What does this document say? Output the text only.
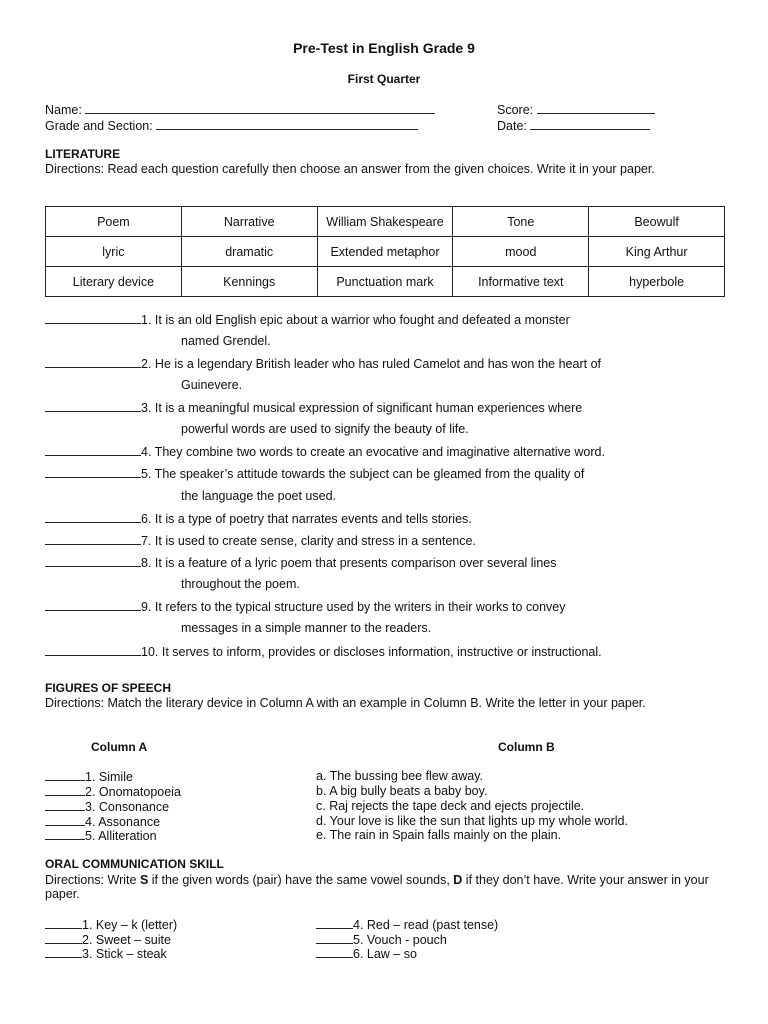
Pre-Test in English Grade 9
First Quarter
Name:	Score:
Grade and Section:	Date:
LITERATURE
Directions: Read each question carefully then choose an answer from the given choices. Write it in your paper.
Poem	Narrative	William Shakespeare	Tone	Beowulf
lyric	dramatic	Extended metaphor	mood	King Arthur
Literary device	Kennings	Punctuation mark	Informative text	hyperbole
1. It is an old English epic about a warrior who fought and defeated a monster
named Grendel.
2. He is a legendary British leader who has ruled Camelot and has won the heart of
Guinevere.
3. It is a meaningful musical expression of significant human experiences where
powerful words are used to signify the beauty of life.
4. They combine two words to create an evocative and imaginative alternative word.
5. The speaker’s attitude towards the subject can be gleamed from the quality of
the language the poet used.
6. It is a type of poetry that narrates events and tells stories.
7. It is used to create sense, clarity and stress in a sentence.
8. It is a feature of a lyric poem that presents comparison over several lines
throughout the poem.
9. It refers to the typical structure used by the writers in their works to convey
messages in a simple manner to the readers.
10. It serves to inform, provides or discloses information, instructive or instructional.
FIGURES OF SPEECH
Directions: Match the literary device in Column A with an example in Column B. Write the letter in your paper.
Column A	Column B
1. Simile
2. Onomatopoeia
3. Consonance
4. Assonance
5. Alliteration
a. The bussing bee flew away.
b. A big bully beats a baby boy.
c. Raj rejects the tape deck and ejects projectile.
d. Your love is like the sun that lights up my whole world.
e. The rain in Spain falls mainly on the plain.
ORAL COMMUNICATION SKILL
Directions: Write S if the given words (pair) have the same vowel sounds, D if they don’t have. Write your answer in your paper.
1. Key – k (letter)
2. Sweet – suite
3. Stick – steak
4. Red – read (past tense)
5. Vouch - pouch
6. Law – so
